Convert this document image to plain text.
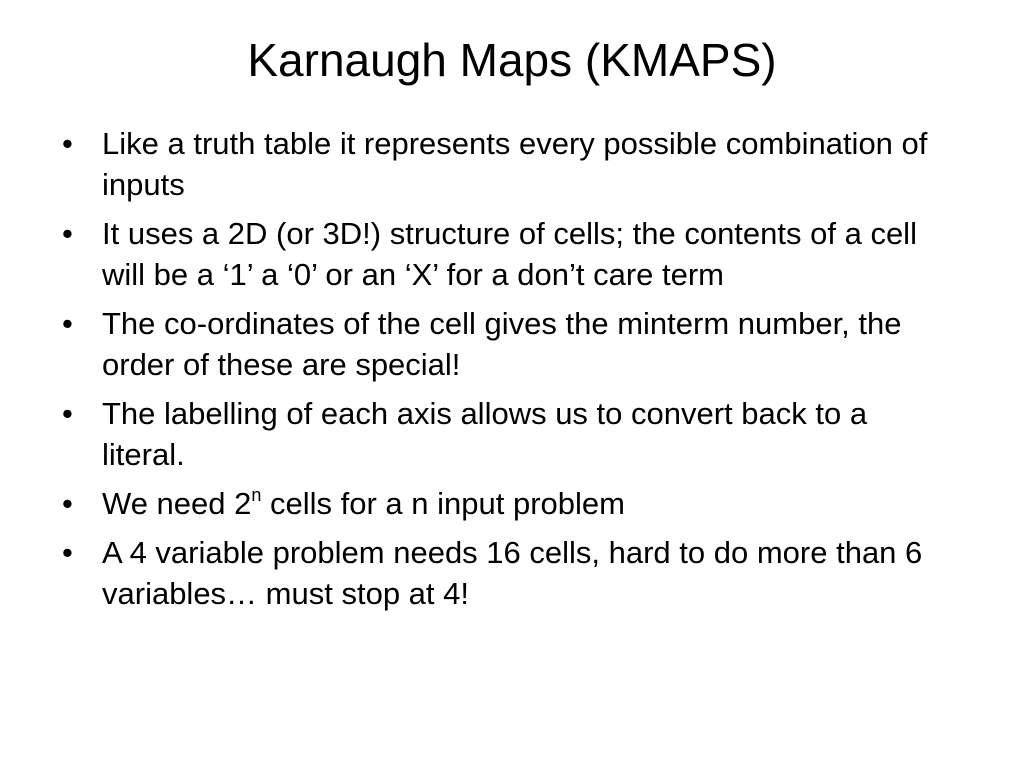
Karnaugh Maps (KMAPS)
• Like a truth table it represents every possible combination of inputs
• It uses a 2D (or 3D!) structure of cells; the contents of a cell will be a ‘1’ a ‘0’ or an ‘X’ for a don’t care term
• The co-ordinates of the cell gives the minterm number, the order of these are special!
• The labelling of each axis allows us to convert back to a literal.
• We need 2$^n$ cells for a n input problem
• A 4 variable problem needs 16 cells, hard to do more than 6 variables… must stop at 4!
